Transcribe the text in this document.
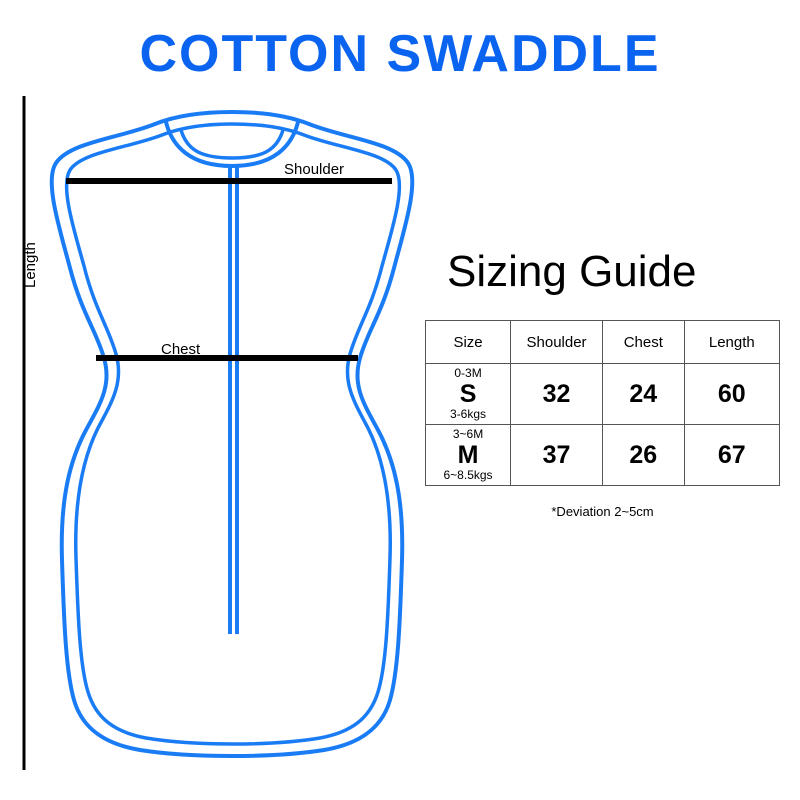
COTTON SWADDLE
Shoulder
Chest
Length	Sizing Guide
Size	Shoulder	Chest	Length

0-3M
S
3-6kgs	32	24	60

3~6M
M
6~8.5kgs	37	26	67
*Deviation 2~5cm
